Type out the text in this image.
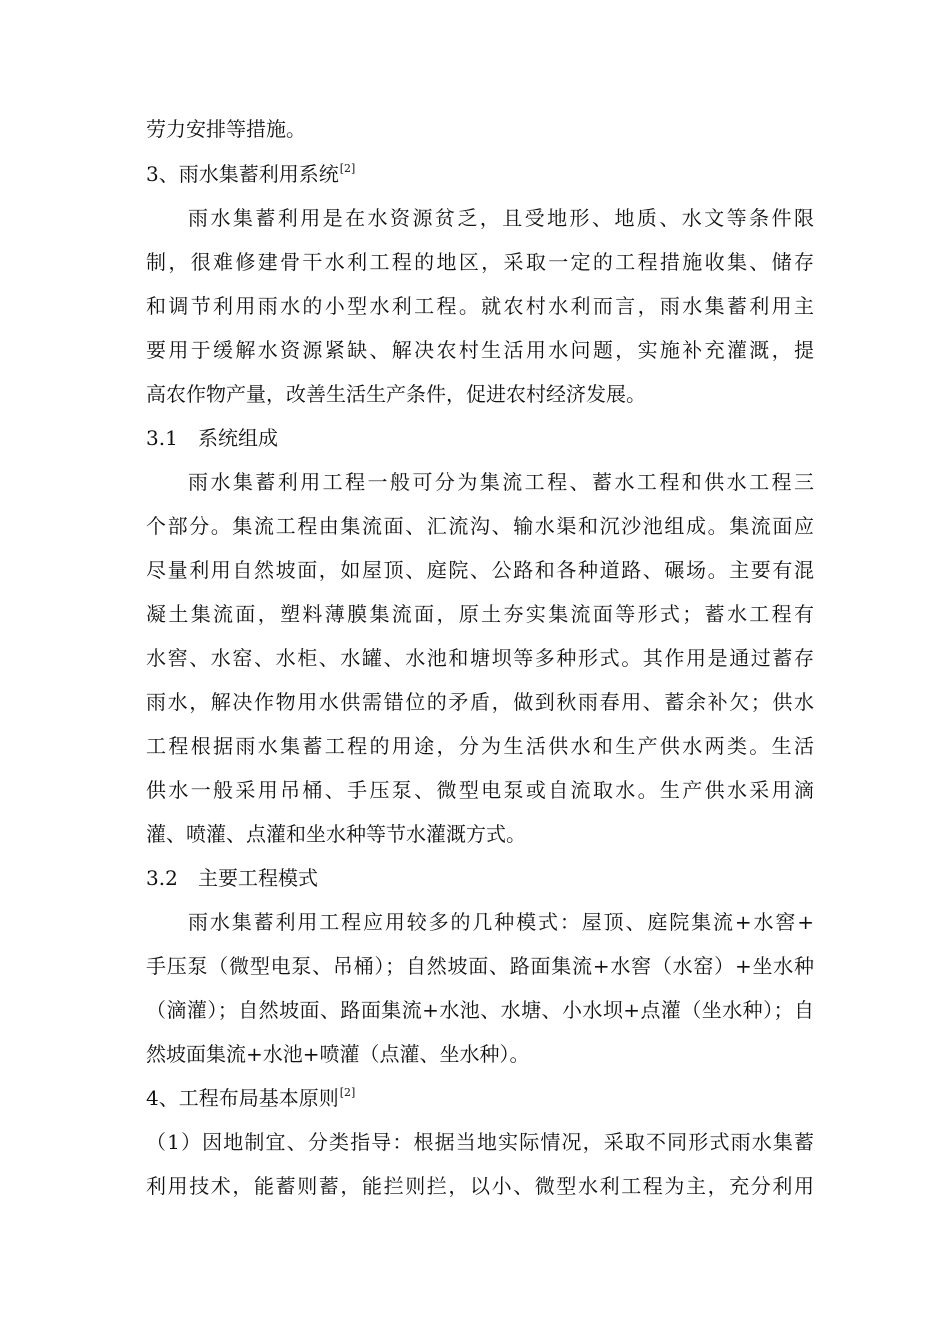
劳力安排等措施。
3、雨水集蓄利用系统[2]
雨水集蓄利用是在水资源贫乏，且受地形、地质、水文等条件限
制，很难修建骨干水利工程的地区，采取一定的工程措施收集、储存
和调节利用雨水的小型水利工程。就农村水利而言，雨水集蓄利用主
要用于缓解水资源紧缺、解决农村生活用水问题，实施补充灌溉，提
高农作物产量，改善生活生产条件，促进农村经济发展。
3.1 系统组成
雨水集蓄利用工程一般可分为集流工程、蓄水工程和供水工程三
个部分。集流工程由集流面、汇流沟、输水渠和沉沙池组成。集流面应
尽量利用自然坡面，如屋顶、庭院、公路和各种道路、碾场。主要有混
凝土集流面，塑料薄膜集流面，原土夯实集流面等形式；蓄水工程有
水窖、水窑、水柜、水罐、水池和塘坝等多种形式。其作用是通过蓄存
雨水，解决作物用水供需错位的矛盾，做到秋雨春用、蓄余补欠；供水
工程根据雨水集蓄工程的用途，分为生活供水和生产供水两类。生活
供水一般采用吊桶、手压泵、微型电泵或自流取水。生产供水采用滴
灌、喷灌、点灌和坐水种等节水灌溉方式。
3.2 主要工程模式
雨水集蓄利用工程应用较多的几种模式：屋顶、庭院集流+水窖+
手压泵（微型电泵、吊桶）；自然坡面、路面集流+水窖（水窑）+坐水种
（滴灌）；自然坡面、路面集流+水池、水塘、小水坝+点灌（坐水种）；自
然坡面集流+水池+喷灌（点灌、坐水种）。
4、工程布局基本原则[2]
（1）因地制宜、分类指导：根据当地实际情况，采取不同形式雨水集蓄
利用技术，能蓄则蓄，能拦则拦，以小、微型水利工程为主，充分利用
